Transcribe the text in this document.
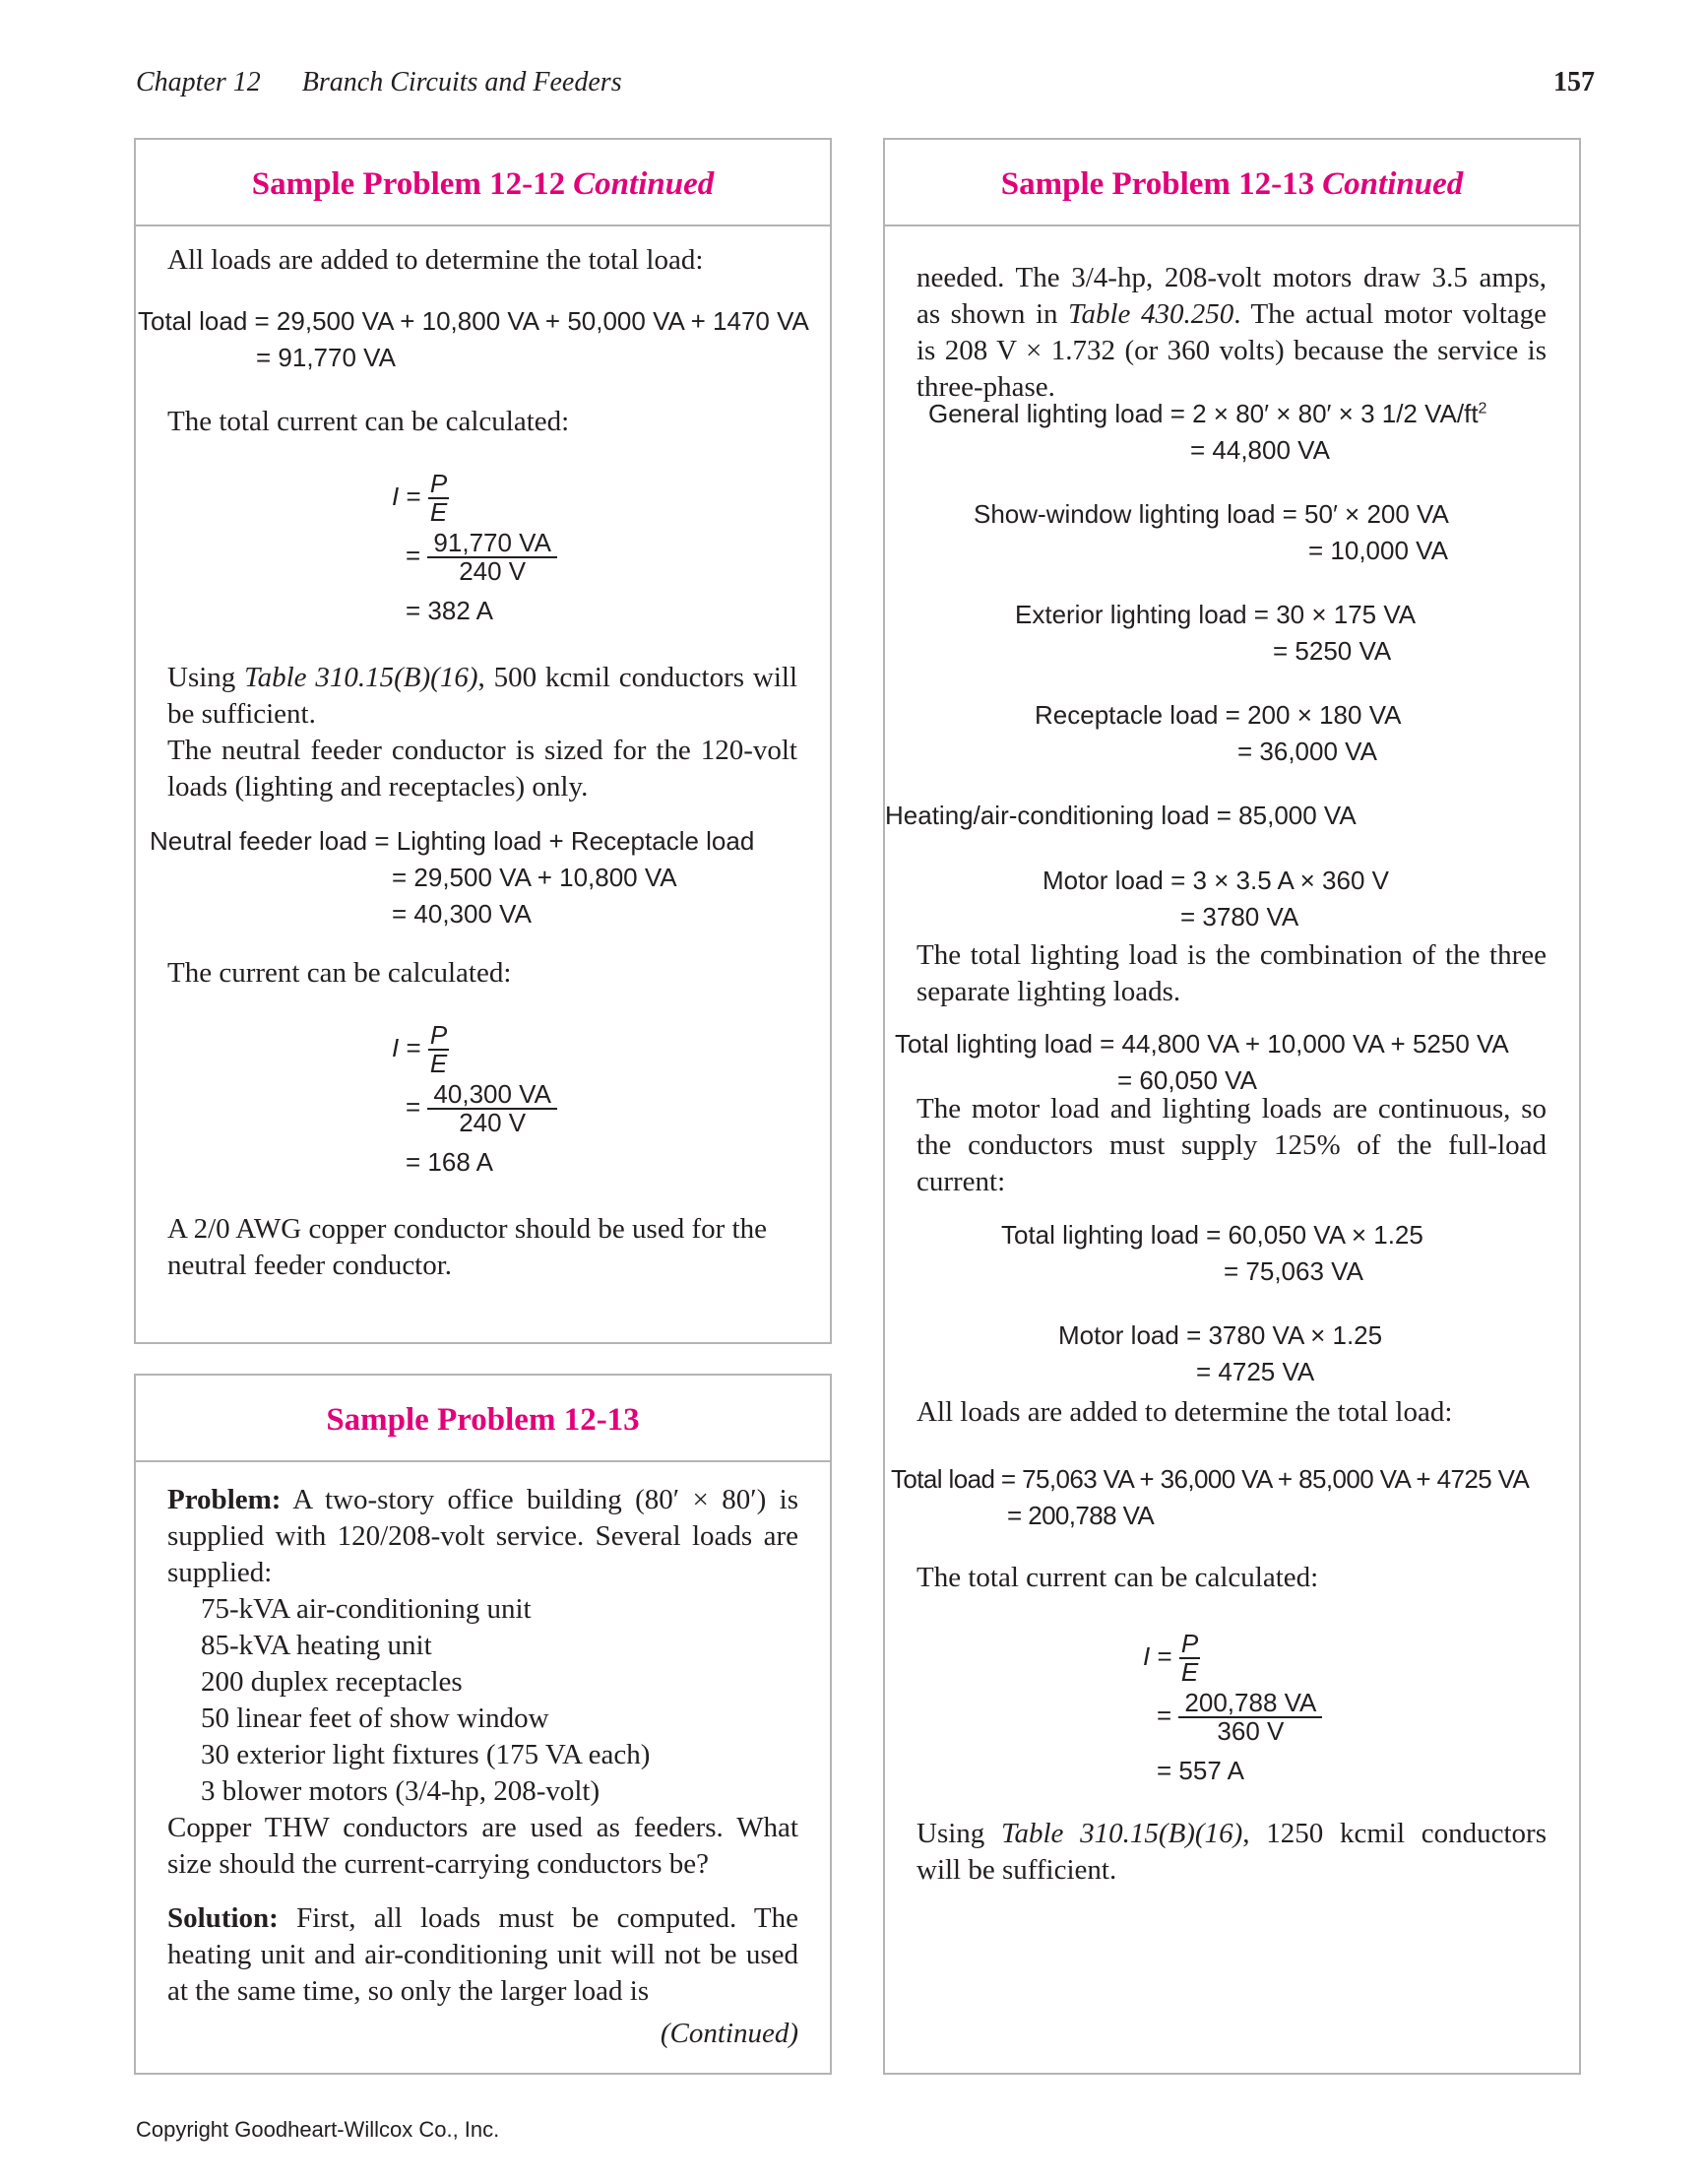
Chapter 12 Branch Circuits and Feeders	157
Sample Problem 12-12 Continued

All loads are added to determine the total load:

Total load = 29,500 VA + 10,800 VA + 50,000 VA + 1470 VA
= 91,770 VA

The total current can be calculated:

$I = \frac{P}{E}$
= $\frac{91,770 VA}{240 V}$
= 382 A

Using Table 310.15(B)(16), 500 kcmil conductors will be sufficient.

The neutral feeder conductor is sized for the 120-volt loads (lighting and receptacles) only.

Neutral feeder load = Lighting load + Receptacle load
= 29,500 VA + 10,800 VA
= 40,300 VA

The current can be calculated:

$I = \frac{P}{E}$
= $\frac{40,300 VA}{240 V}$
= 168 A

A 2/0 AWG copper conductor should be used for the neutral feeder conductor.

Sample Problem 12-13

Problem: A two-story office building (80′ × 80′) is supplied with 120/208-volt service. Several loads are supplied:

75-kVA air-conditioning unit

85-kVA heating unit

200 duplex receptacles

50 linear feet of show window

30 exterior light fixtures (175 VA each)

3 blower motors (3/4-hp, 208-volt)

Copper THW conductors are used as feeders. What size should the current-carrying conductors be?

Solution: First, all loads must be computed. The heating unit and air-conditioning unit will not be used at the same time, so only the larger load is

(Continued)
Sample Problem 12-13 Continued

needed. The 3/4-hp, 208-volt motors draw 3.5 amps, as shown in Table 430.250. The actual motor voltage is 208 V × 1.732 (or 360 volts) because the service is three-phase.

General lighting load = 2 × 80′ × 80′ × 3 1/2 $VA/ft^2$
= 44,800 VA
Show-window lighting load = 50′ × 200 VA
= 10,000 VA
Exterior lighting load = 30 × 175 VA
= 5250 VA
Receptacle load = 200 × 180 VA
= 36,000 VA
Heating/air-conditioning load = 85,000 VA
Motor load = 3 × 3.5 A × 360 V
= 3780 VA

The total lighting load is the combination of the three separate lighting loads.

Total lighting load = 44,800 VA + 10,000 VA + 5250 VA
= 60,050 VA

The motor load and lighting loads are continuous, so the conductors must supply 125% of the full-load current:

Total lighting load = 60,050 VA × 1.25
= 75,063 VA
Motor load = 3780 VA × 1.25
= 4725 VA

All loads are added to determine the total load:

Total load = 75,063 VA + 36,000 VA + 85,000 VA + 4725 VA
= 200,788 VA

The total current can be calculated:

$I = \frac{P}{E}$
= $\frac{200,788 VA}{360 V}$
= 557 A

Using Table 310.15(B)(16), 1250 kcmil conductors will be sufficient.

Copyright Goodheart-Willcox Co., Inc.
